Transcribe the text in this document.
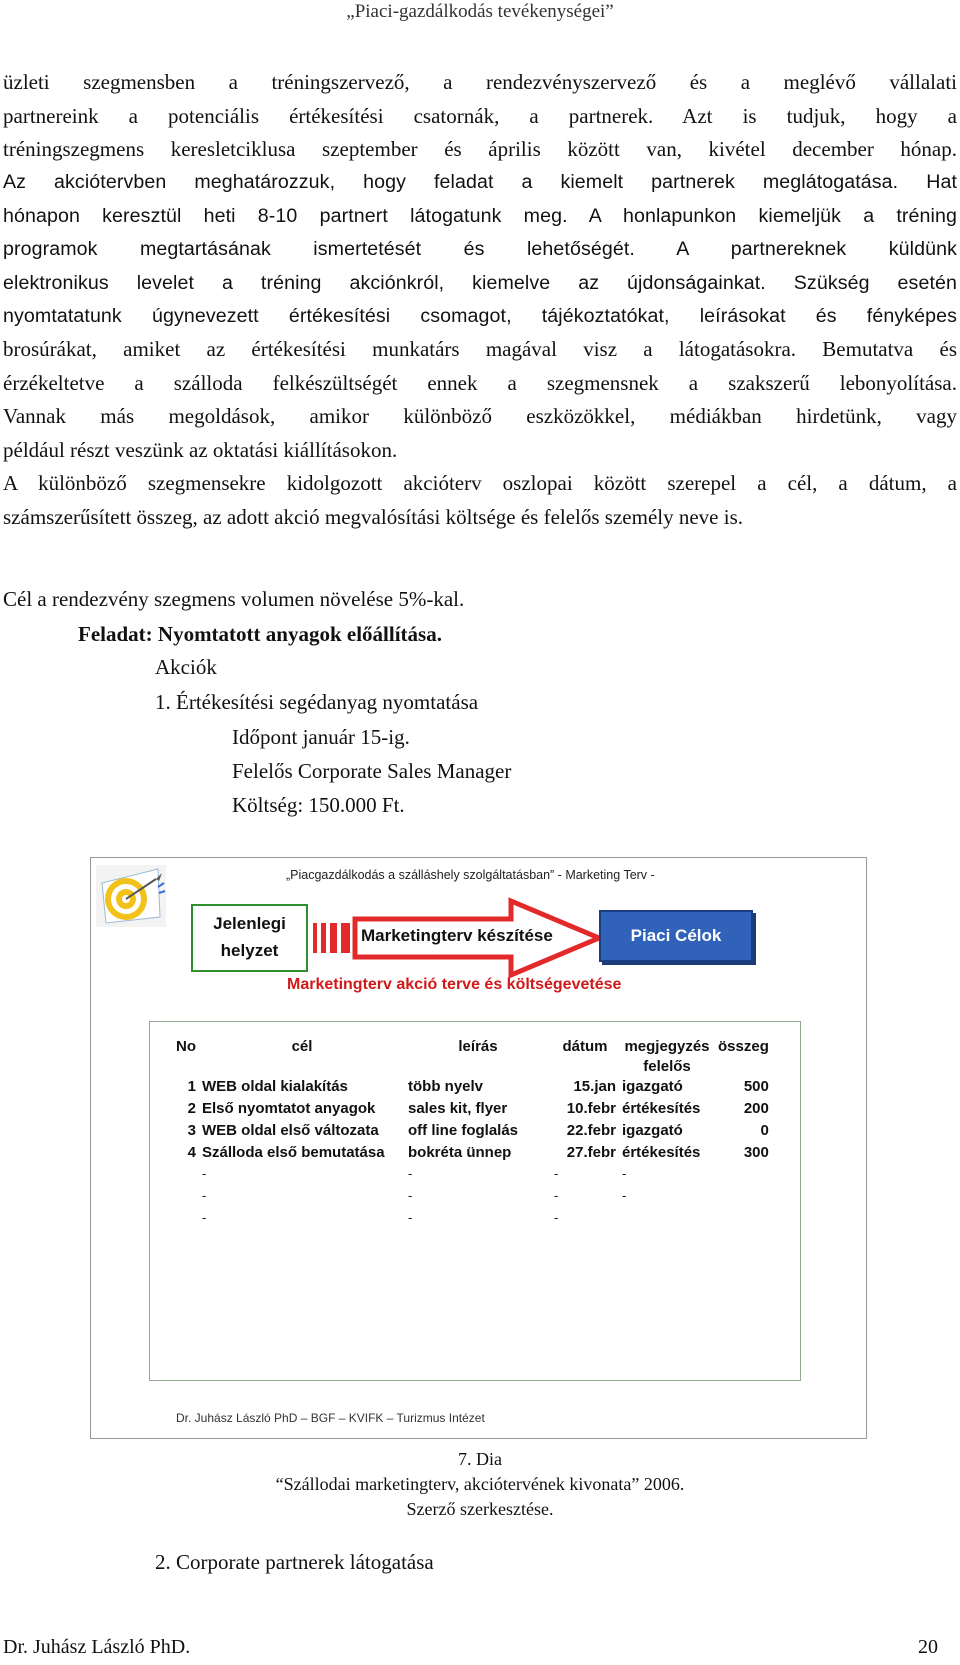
„Piaci-gazdálkodás tevékenységei”
üzleti szegmensben a tréningszervező, a rendezvényszervező és a meglévő vállalati
partnereink a potenciális értékesítési csatornák, a partnerek. Azt is tudjuk, hogy a
tréningszegmens keresletciklusa szeptember és április között van, kivétel december hónap.
Az akciótervben meghatározzuk, hogy feladat a kiemelt partnerek meglátogatása. Hat
hónapon keresztül heti 8-10 partnert látogatunk meg. A honlapunkon kiemeljük a tréning
programok megtartásának ismertetését és lehetőségét. A partnereknek küldünk
elektronikus levelet a tréning akciónkról, kiemelve az újdonságainkat. Szükség esetén
nyomtatatunk úgynevezett értékesítési csomagot, tájékoztatókat, leírásokat és fényképes
brosúrákat, amiket az értékesítési munkatárs magával visz a látogatásokra. Bemutatva és
érzékeltetve a szálloda felkészültségét ennek a szegmensnek a szakszerű lebonyolítása.
Vannak más megoldások, amikor különböző eszközökkel, médiákban hirdetünk, vagy
például részt veszünk az oktatási kiállításokon.
A különböző szegmensekre kidolgozott akcióterv oszlopai között szerepel a cél, a dátum, a
számszerűsített összeg, az adott akció megvalósítási költsége és felelős személy neve is.
Cél a rendezvény szegmens volumen növelése 5%-kal.
Feladat: Nyomtatott anyagok előállítása.
Akciók
1. Értékesítési segédanyag nyomtatása
Időpont január 15-ig.
Felelős Corporate Sales Manager
Költség: 150.000 Ft.
„Piacgazdálkodás a szálláshely szolgáltatásban” - Marketing Terv -
Jelenlegi
helyzet
Marketingterv készítése	Piaci Célok
Marketingterv akció terve és költségevetése
No	cél	leírás	dátum	megjegyzés	összeg
				felelős	
1	WEB oldal kialakítás	több nyelv	15.jan	igazgató	500
2	Első nyomtatot anyagok	sales kit, flyer	10.febr	értékesítés	200
3	WEB oldal első változata	off line foglalás	22.febr	igazgató	0
4	Szálloda első bemutatása	bokréta ünnep	27.febr	értékesítés	300
	-	-	-	-	
	-	-	-	-	
	-	-	-		
Dr. Juhász László PhD – BGF – KVIFK – Turizmus Intézet
7. Dia
“Szállodai marketingterv, akciótervének kivonata” 2006.
Szerző szerkesztése.
2. Corporate partnerek látogatása
Dr. Juhász László PhD.	20
